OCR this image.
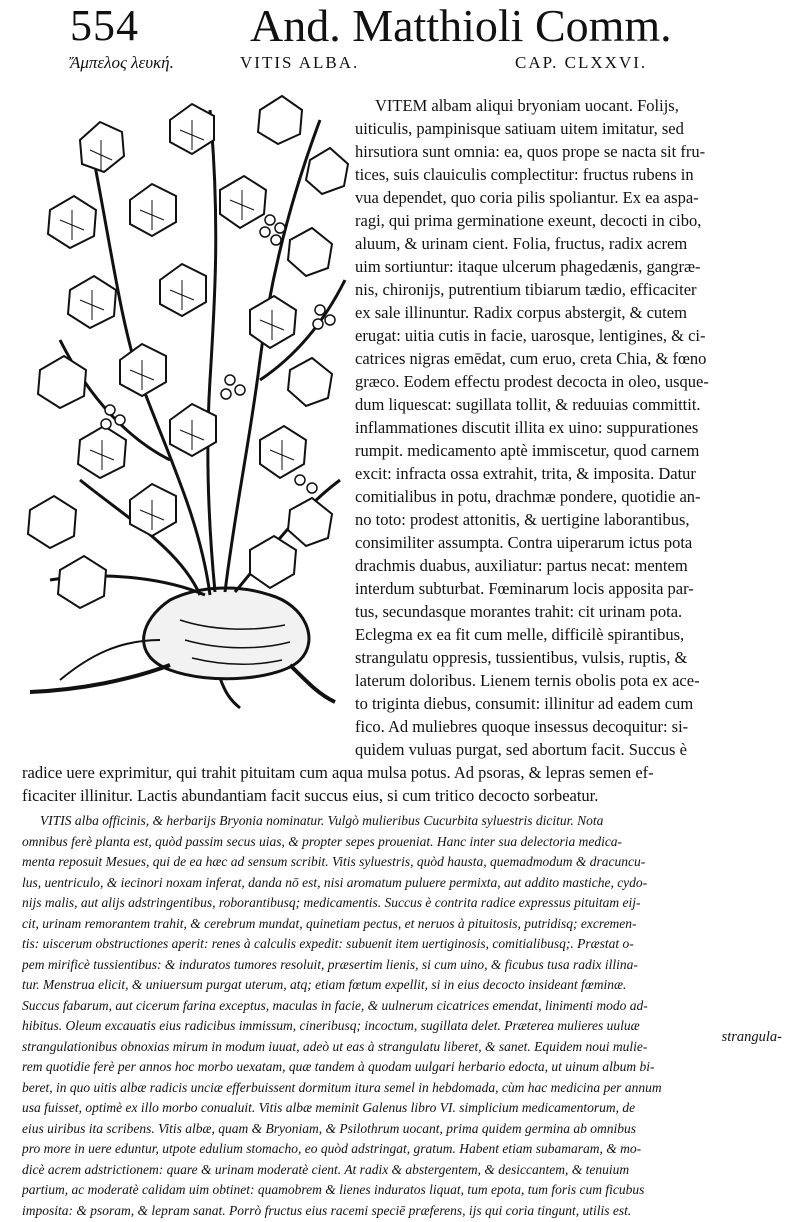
554 And. Matthioli Comm.
Ἄμπελος λευκή.	VITIS ALBA.	CAP. CLXXVI.
VITEM albam aliqui bryoniam uocant. Folijs,
uiticulis, pampinisque satiuam uitem imitatur, sed
hirsutiora sunt omnia: ea, quos prope se nacta sit fru-
tices, suis clauiculis complectitur: fructus rubens in
vua dependet, quo coria pilis spoliantur. Ex ea aspa-
ragi, qui prima germinatione exeunt, decocti in cibo,
aluum, & urinam cient. Folia, fructus, radix acrem
uim sortiuntur: itaque ulcerum phagedænis, gangræ-
nis, chironijs, putrentium tibiarum tædio, efficaciter
ex sale illinuntur. Radix corpus abstergit, & cutem
erugat: uitia cutis in facie, uarosque, lentigines, & ci-
catrices nigras emēdat, cum eruo, creta Chia, & fœno
græco. Eodem effectu prodest decocta in oleo, usque-
dum liquescat: sugillata tollit, & reduuias committit.
inflammationes discutit illita ex uino: suppurationes
rumpit. medicamento aptè immiscetur, quod carnem
excit: infracta ossa extrahit, trita, & imposita. Datur
comitialibus in potu, drachmæ pondere, quotidie an-
no toto: prodest attonitis, & uertigine laborantibus,
consimiliter assumpta. Contra uiperarum ictus pota
drachmis duabus, auxiliatur: partus necat: mentem
interdum subturbat. Fœminarum locis apposita par-
tus, secundasque morantes trahit: cit urinam pota.
Eclegma ex ea fit cum melle, difficilè spirantibus,
strangulatu oppresis, tussientibus, vulsis, ruptis, &
laterum doloribus. Lienem ternis obolis pota ex ace-
to triginta diebus, consumit: illinitur ad eadem cum
fico. Ad muliebres quoque insessus decoquitur: si-
quidem vuluas purgat, sed abortum facit. Succus è
radice uere exprimitur, qui trahit pituitam cum aqua mulsa potus. Ad psoras, & lepras semen ef-
ficaciter illinitur. Lactis abundantiam facit succus eius, si cum tritico decocto sorbeatur.
VITIS alba officinis, & herbarijs Bryonia nominatur. Vulgò mulieribus Cucurbita syluestris dicitur. Nota
omnibus ferè planta est, quòd passim secus uias, & propter sepes proueniat. Hanc inter sua delectoria medica-
menta reposuit Mesues, qui de ea hæc ad sensum scribit. Vitis syluestris, quòd hausta, quemadmodum & dracuncu-
lus, uentriculo, & iecinori noxam inferat, danda nō est, nisi aromatum puluere permixta, aut addito mastiche, cydo-
nijs malis, aut alijs adstringentibus, roborantibusq; medicamentis. Succus è contrita radice expressus pituitam eij-
cit, urinam remorantem trahit, & cerebrum mundat, quinetiam pectus, et neruos à pituitosis, putridisq; excremen-
tis: uiscerum obstructiones aperit: renes à calculis expedit: subuenit item uertiginosis, comitialibusq;. Præstat o-
pem mirificè tussientibus: & induratos tumores resoluit, præsertim lienis, si cum uino, & ficubus tusa radix illina-
tur. Menstrua elicit, & uniuersum purgat uterum, atq; etiam fœtum expellit, si in eius decocto insideant fœminæ.
Succus fabarum, aut cicerum farina exceptus, maculas in facie, & uulnerum cicatrices emendat, linimenti modo ad-
hibitus. Oleum excauatis eius radicibus immissum, cineribusq; incoctum, sugillata delet. Præterea mulieres uuluæ
strangula-
strangulationibus obnoxias mirum in modum iuuat, adeò ut eas à strangulatu liberet, & sanet. Equidem noui mulie-
rem quotidie ferè per annos hoc morbo uexatam, quæ tandem à quodam uulgari herbario edocta, ut uinum album bi-
beret, in quo uitis albæ radicis unciæ efferbuissent dormitum itura semel in hebdomada, cùm hac medicina per annum
usa fuisset, optimè ex illo morbo conualuit. Vitis albæ meminit Galenus libro VI. simplicium medicamentorum, de
eius uiribus ita scribens. Vitis albæ, quam & Bryoniam, & Psilothrum uocant, prima quidem germina ab omnibus
pro more in uere eduntur, utpote edulium stomacho, eo quòd adstringat, gratum. Habent etiam subamaram, & mo-
dicè acrem adstrictionem: quare & urinam moderatè cient. At radix & abstergentem, & desiccantem, & tenuium
partium, ac moderatè calidam uim obtinet: quamobrem & lienes induratos liquat, tum epota, tum foris cum ficubus
imposita: & psoram, & lepram sanat. Porrò fructus eius racemi speciē præferens, ijs qui coria tingunt, utilis est.
